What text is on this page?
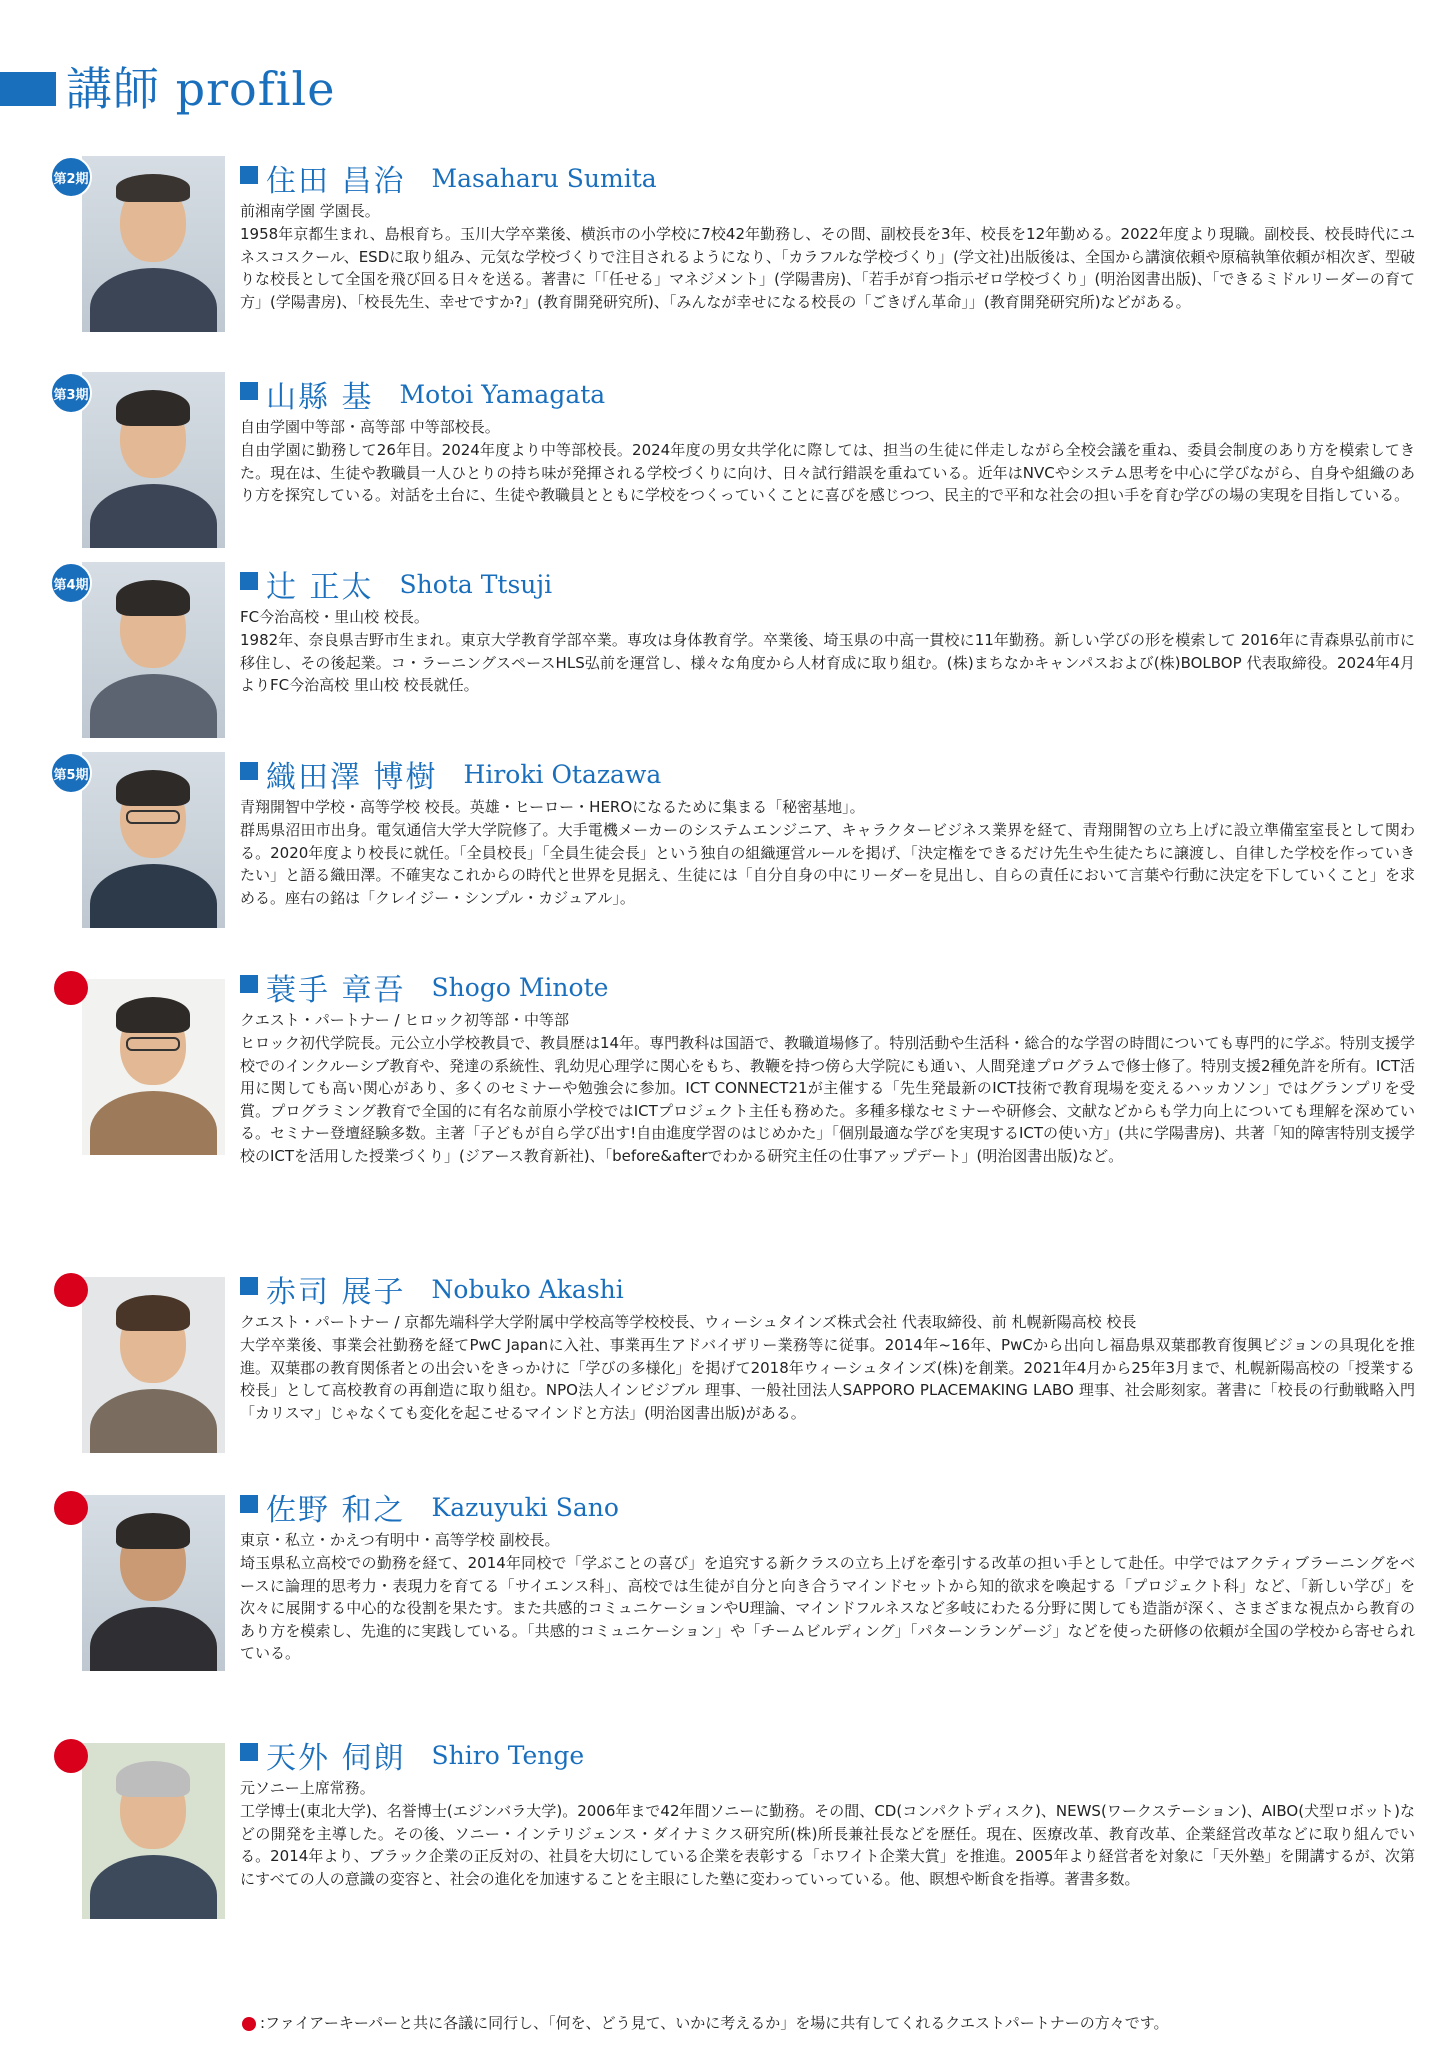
講師 profile
第2期	住田 昌治 Masaharu Sumita
前湘南学園 学園長。
1958年京都生まれ、島根育ち。玉川大学卒業後、横浜市の小学校に7校42年勤務し、その間、副校長を3年、校長を12年勤める。2022年度より現職。副校長、校長時代にユネスコスクール、ESDに取り組み、元気な学校づくりで注目されるようになり、「カラフルな学校づくり」(学文社)出版後は、全国から講演依頼や原稿執筆依頼が相次ぎ、型破りな校長として全国を飛び回る日々を送る。著書に「「任せる」マネジメント」(学陽書房)、「若手が育つ指示ゼロ学校づくり」(明治図書出版)、「できるミドルリーダーの育て方」(学陽書房)、「校長先生、幸せですか?」(教育開発研究所)、「みんなが幸せになる校長の「ごきげん革命」」(教育開発研究所)などがある。
第3期	山縣 基 Motoi Yamagata
自由学園中等部・高等部 中等部校長。
自由学園に勤務して26年目。2024年度より中等部校長。2024年度の男女共学化に際しては、担当の生徒に伴走しながら全校会議を重ね、委員会制度のあり方を模索してきた。現在は、生徒や教職員一人ひとりの持ち味が発揮される学校づくりに向け、日々試行錯誤を重ねている。近年はNVCやシステム思考を中心に学びながら、自身や組織のあり方を探究している。対話を土台に、生徒や教職員とともに学校をつくっていくことに喜びを感じつつ、民主的で平和な社会の担い手を育む学びの場の実現を目指している。
第4期	辻 正太 Shota Ttsuji
FC今治高校・里山校 校長。
1982年、奈良県吉野市生まれ。東京大学教育学部卒業。専攻は身体教育学。卒業後、埼玉県の中高一貫校に11年勤務。新しい学びの形を模索して 2016年に青森県弘前市に移住し、その後起業。コ・ラーニングスペースHLS弘前を運営し、様々な角度から人材育成に取り組む。(株)まちなかキャンパスおよび(株)BOLBOP 代表取締役。2024年4月よりFC今治高校 里山校 校長就任。
第5期	織田澤 博樹 Hiroki Otazawa
青翔開智中学校・高等学校 校長。英雄・ヒーロー・HEROになるために集まる「秘密基地」。
群馬県沼田市出身。電気通信大学大学院修了。大手電機メーカーのシステムエンジニア、キャラクタービジネス業界を経て、青翔開智の立ち上げに設立準備室室長として関わる。2020年度より校長に就任。「全員校長」「全員生徒会長」という独自の組織運営ルールを掲げ、「決定権をできるだけ先生や生徒たちに譲渡し、自律した学校を作っていきたい」と語る織田澤。不確実なこれからの時代と世界を見据え、生徒には「自分自身の中にリーダーを見出し、自らの責任において言葉や行動に決定を下していくこと」を求める。座右の銘は「クレイジー・シンプル・カジュアル」。
蓑手 章吾 Shogo Minote
クエスト・パートナー / ヒロック初等部・中等部
ヒロック初代学院長。元公立小学校教員で、教員歴は14年。専門教科は国語で、教職道場修了。特別活動や生活科・総合的な学習の時間についても専門的に学ぶ。特別支援学校でのインクルーシブ教育や、発達の系統性、乳幼児心理学に関心をもち、教鞭を持つ傍ら大学院にも通い、人間発達プログラムで修士修了。特別支援2種免許を所有。ICT活用に関しても高い関心があり、多くのセミナーや勉強会に参加。ICT CONNECT21が主催する「先生発最新のICT技術で教育現場を変えるハッカソン」ではグランプリを受賞。プログラミング教育で全国的に有名な前原小学校ではICTプロジェクト主任も務めた。多種多様なセミナーや研修会、文献などからも学力向上についても理解を深めている。セミナー登壇経験多数。主著「子どもが自ら学び出す!自由進度学習のはじめかた」「個別最適な学びを実現するICTの使い方」(共に学陽書房)、共著「知的障害特別支援学校のICTを活用した授業づくり」(ジアース教育新社)、「before&afterでわかる研究主任の仕事アップデート」(明治図書出版)など。
赤司 展子 Nobuko Akashi
クエスト・パートナー / 京都先端科学大学附属中学校高等学校校長、ウィーシュタインズ株式会社 代表取締役、前 札幌新陽高校 校長
大学卒業後、事業会社勤務を経てPwC Japanに入社、事業再生アドバイザリー業務等に従事。2014年~16年、PwCから出向し福島県双葉郡教育復興ビジョンの具現化を推進。双葉郡の教育関係者との出会いをきっかけに「学びの多様化」を掲げて2018年ウィーシュタインズ(株)を創業。2021年4月から25年3月まで、札幌新陽高校の「授業する校長」として高校教育の再創造に取り組む。NPO法人インビジブル 理事、一般社団法人SAPPORO PLACEMAKING LABO 理事、社会彫刻家。著書に「校長の行動戦略入門「カリスマ」じゃなくても変化を起こせるマインドと方法」(明治図書出版)がある。
佐野 和之 Kazuyuki Sano
東京・私立・かえつ有明中・高等学校 副校長。
埼玉県私立高校での勤務を経て、2014年同校で「学ぶことの喜び」を追究する新クラスの立ち上げを牽引する改革の担い手として赴任。中学ではアクティブラーニングをベースに論理的思考力・表現力を育てる「サイエンス科」、高校では生徒が自分と向き合うマインドセットから知的欲求を喚起する「プロジェクト科」など、「新しい学び」を次々に展開する中心的な役割を果たす。また共感的コミュニケーションやU理論、マインドフルネスなど多岐にわたる分野に関しても造詣が深く、さまざまな視点から教育のあり方を模索し、先進的に実践している。「共感的コミュニケーション」や「チームビルディング」「パターンランゲージ」などを使った研修の依頼が全国の学校から寄せられている。
天外 伺朗 Shiro Tenge
元ソニー上席常務。
工学博士(東北大学)、名誉博士(エジンバラ大学)。2006年まで42年間ソニーに勤務。その間、CD(コンパクトディスク)、NEWS(ワークステーション)、AIBO(犬型ロボット)などの開発を主導した。その後、ソニー・インテリジェンス・ダイナミクス研究所(株)所長兼社長などを歴任。現在、医療改革、教育改革、企業経営改革などに取り組んでいる。2014年より、ブラック企業の正反対の、社員を大切にしている企業を表彰する「ホワイト企業大賞」を推進。2005年より経営者を対象に「天外塾」を開講するが、次第にすべての人の意識の変容と、社会の進化を加速することを主眼にした塾に変わっていっている。他、瞑想や断食を指導。著書多数。
:ファイアーキーパーと共に各議に同行し、「何を、どう見て、いかに考えるか」を場に共有してくれるクエストパートナーの方々です。
